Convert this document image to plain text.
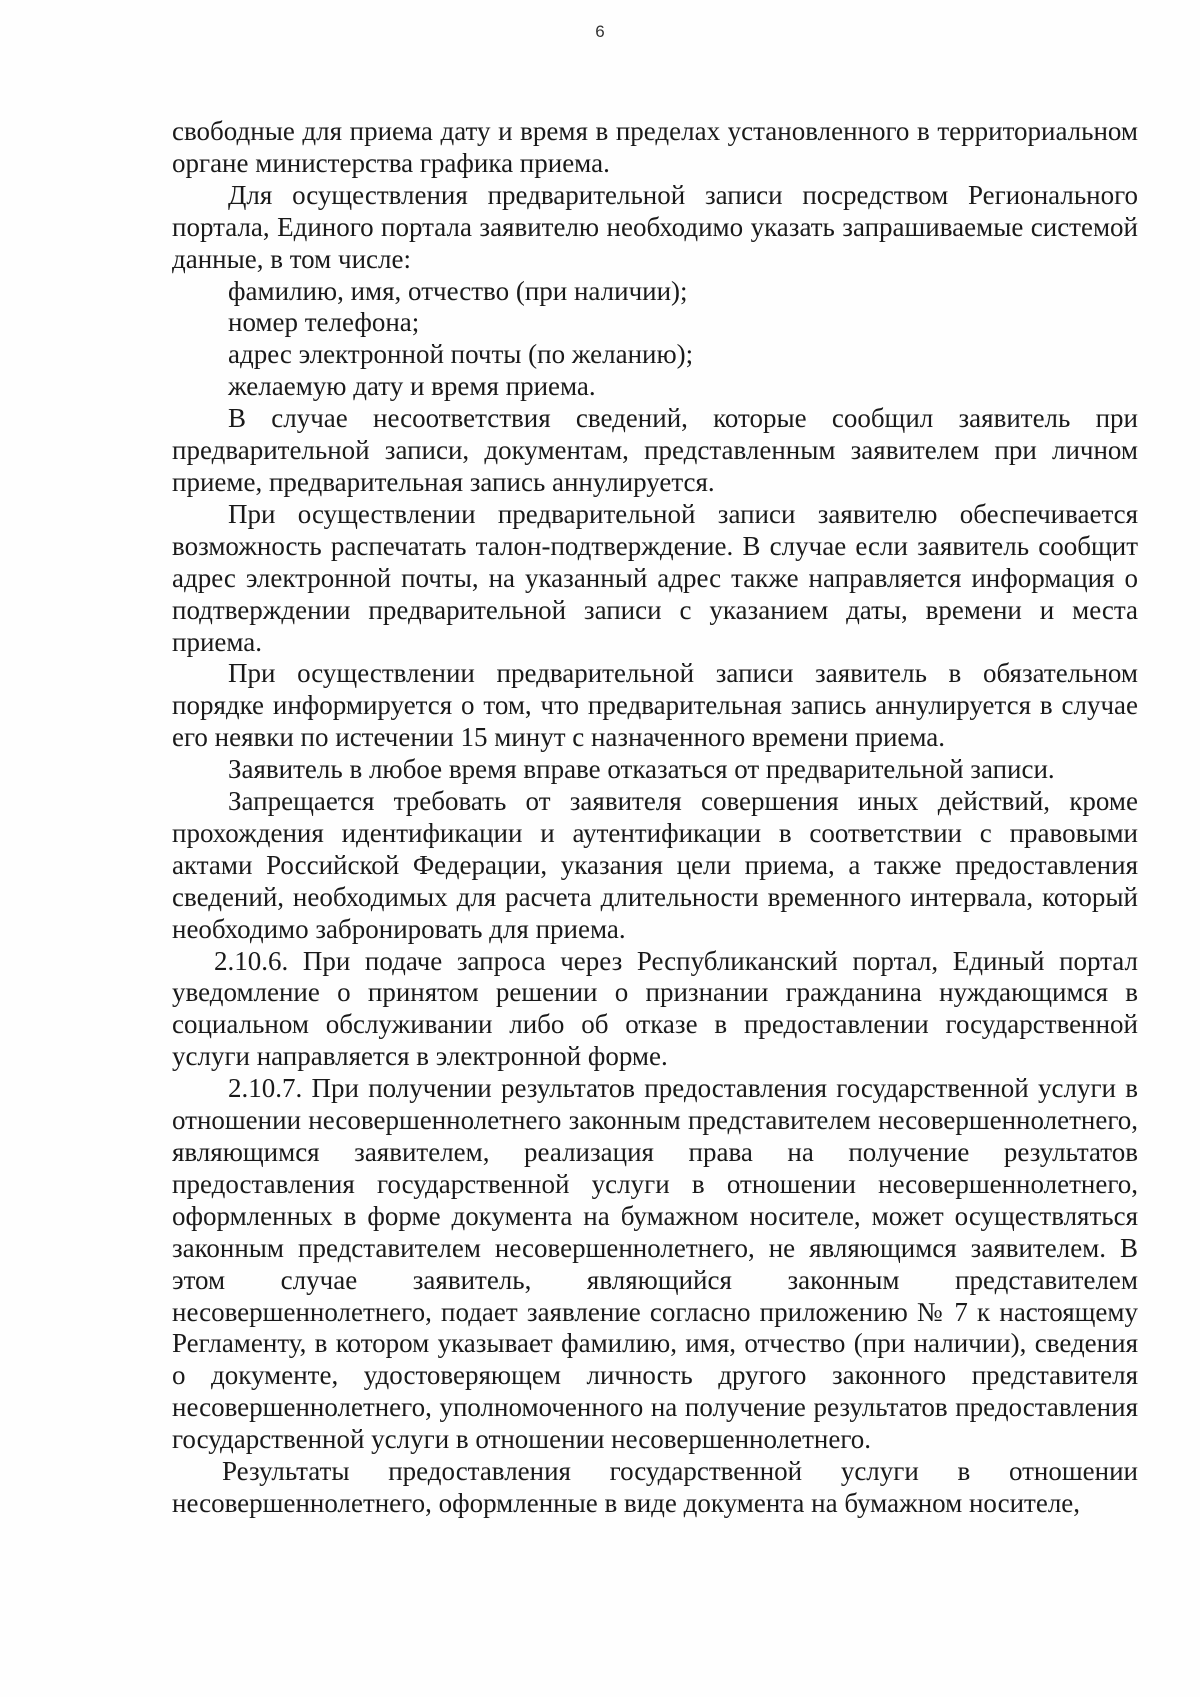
6

свободные для приема дату и время в пределах установленного в территориальном органе министерства графика приема.

Для осуществления предварительной записи посредством Регионального портала, Единого портала заявителю необходимо указать запрашиваемые системой данные, в том числе:

фамилию, имя, отчество (при наличии);

номер телефона;

адрес электронной почты (по желанию);

желаемую дату и время приема.

В случае несоответствия сведений, которые сообщил заявитель при предварительной записи, документам, представленным заявителем при личном приеме, предварительная запись аннулируется.

При осуществлении предварительной записи заявителю обеспечивается возможность распечатать талон-подтверждение. В случае если заявитель сообщит адрес электронной почты, на указанный адрес также направляется информация о подтверждении предварительной записи с указанием даты, времени и места приема.

При осуществлении предварительной записи заявитель в обязательном порядке информируется о том, что предварительная запись аннулируется в случае его неявки по истечении 15 минут с назначенного времени приема.

Заявитель в любое время вправе отказаться от предварительной записи.

Запрещается требовать от заявителя совершения иных действий, кроме прохождения идентификации и аутентификации в соответствии с правовыми актами Российской Федерации, указания цели приема, а также предоставления сведений, необходимых для расчета длительности временного интервала, который необходимо забронировать для приема.

2.10.6. При подаче запроса через Республиканский портал, Единый портал уведомление о принятом решении о признании гражданина нуждающимся в социальном обслуживании либо об отказе в предоставлении государственной услуги направляется в электронной форме.

2.10.7. При получении результатов предоставления государственной услуги в отношении несовершеннолетнего законным представителем несовершеннолетнего, являющимся заявителем, реализация права на получение результатов предоставления государственной услуги в отношении несовершеннолетнего, оформленных в форме документа на бумажном носителе, может осуществляться законным представителем несовершеннолетнего, не являющимся заявителем. В этом случае заявитель, являющийся законным представителем несовершеннолетнего, подает заявление согласно приложению № 7 к настоящему Регламенту, в котором указывает фамилию, имя, отчество (при наличии), сведения о документе, удостоверяющем личность другого законного представителя несовершеннолетнего, уполномоченного на получение результатов предоставления государственной услуги в отношении несовершеннолетнего.

Результаты предоставления государственной услуги в отношении несовершеннолетнего, оформленные в виде документа на бумажном носителе,
